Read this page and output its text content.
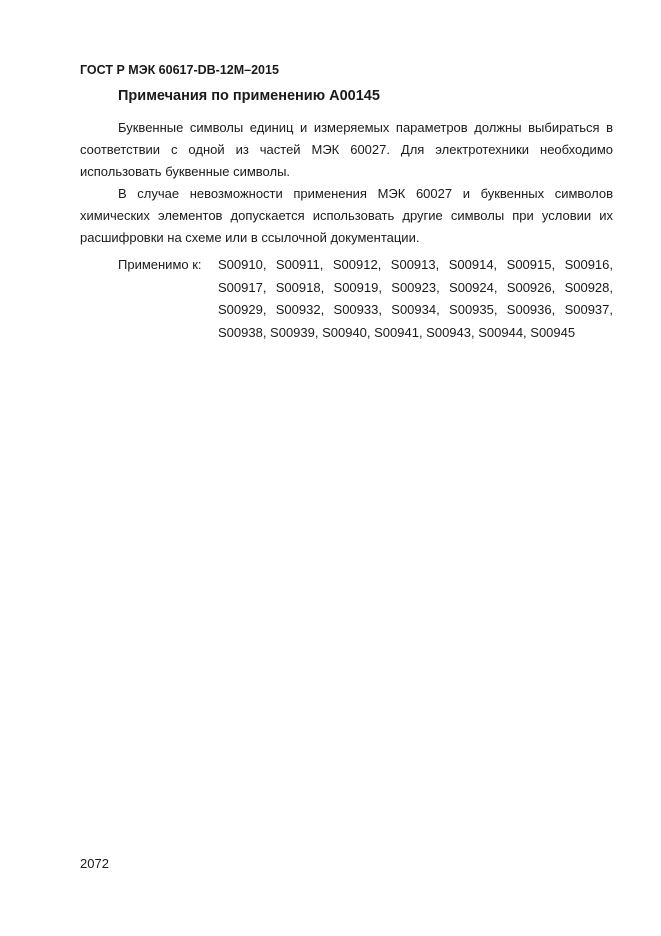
ГОСТ Р МЭК 60617-DB-12M–2015
Примечания по применению A00145
Буквенные символы единиц и измеряемых параметров должны выбираться в
соответствии с одной из частей МЭК 60027. Для электротехники необходимо
использовать буквенные символы.
В случае невозможности применения МЭК 60027 и буквенных символов
химических элементов допускается использовать другие символы при условии их
расшифровки на схеме или в ссылочной документации.
Применимо к: S00910, S00911, S00912, S00913, S00914, S00915, S00916,
S00917, S00918, S00919, S00923, S00924, S00926, S00928,
S00929, S00932, S00933, S00934, S00935, S00936, S00937,
S00938, S00939, S00940, S00941, S00943, S00944, S00945
2072
